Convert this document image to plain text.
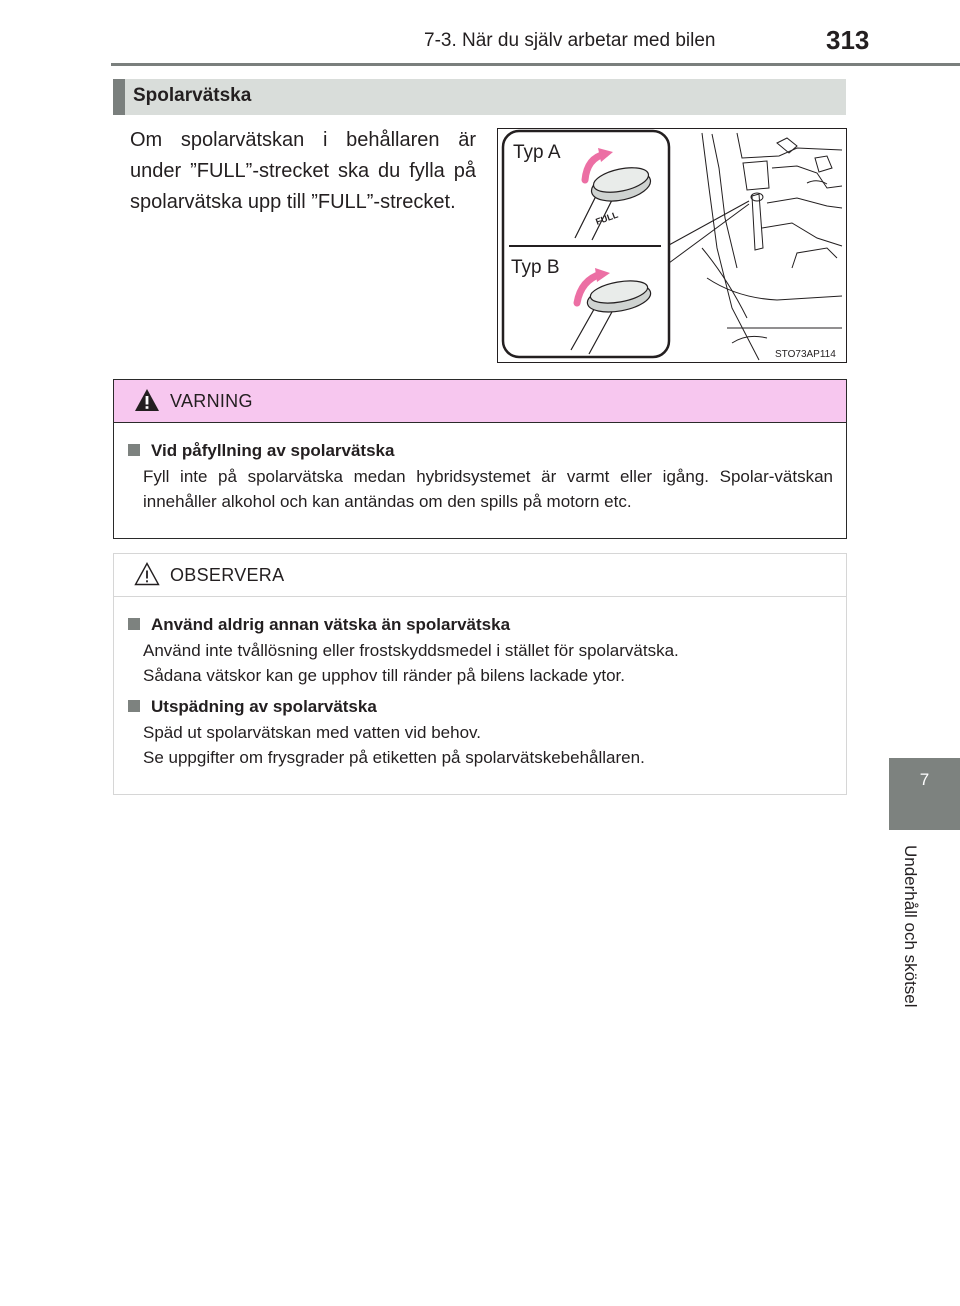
7-3. När du själv arbetar med bilen	313
7
Underhåll och skötsel
Spolarvätska
Om spolarvätskan i behållaren är under ”FULL”-strecket ska du fylla på spolarvätska upp till ”FULL”-strecket.
Typ A
Typ B
FULL
STO73AP114
VARNING
Vid påfyllning av spolarvätska
Fyll inte på spolarvätska medan hybridsystemet är varmt eller igång. Spolar-vätskan innehåller alkohol och kan antändas om den spills på motorn etc.
OBSERVERA
Använd aldrig annan vätska än spolarvätska
Använd inte tvållösning eller frostskyddsmedel i stället för spolarvätska.
Sådana vätskor kan ge upphov till ränder på bilens lackade ytor.
Utspädning av spolarvätska
Späd ut spolarvätskan med vatten vid behov.
Se uppgifter om frysgrader på etiketten på spolarvätskebehållaren.
